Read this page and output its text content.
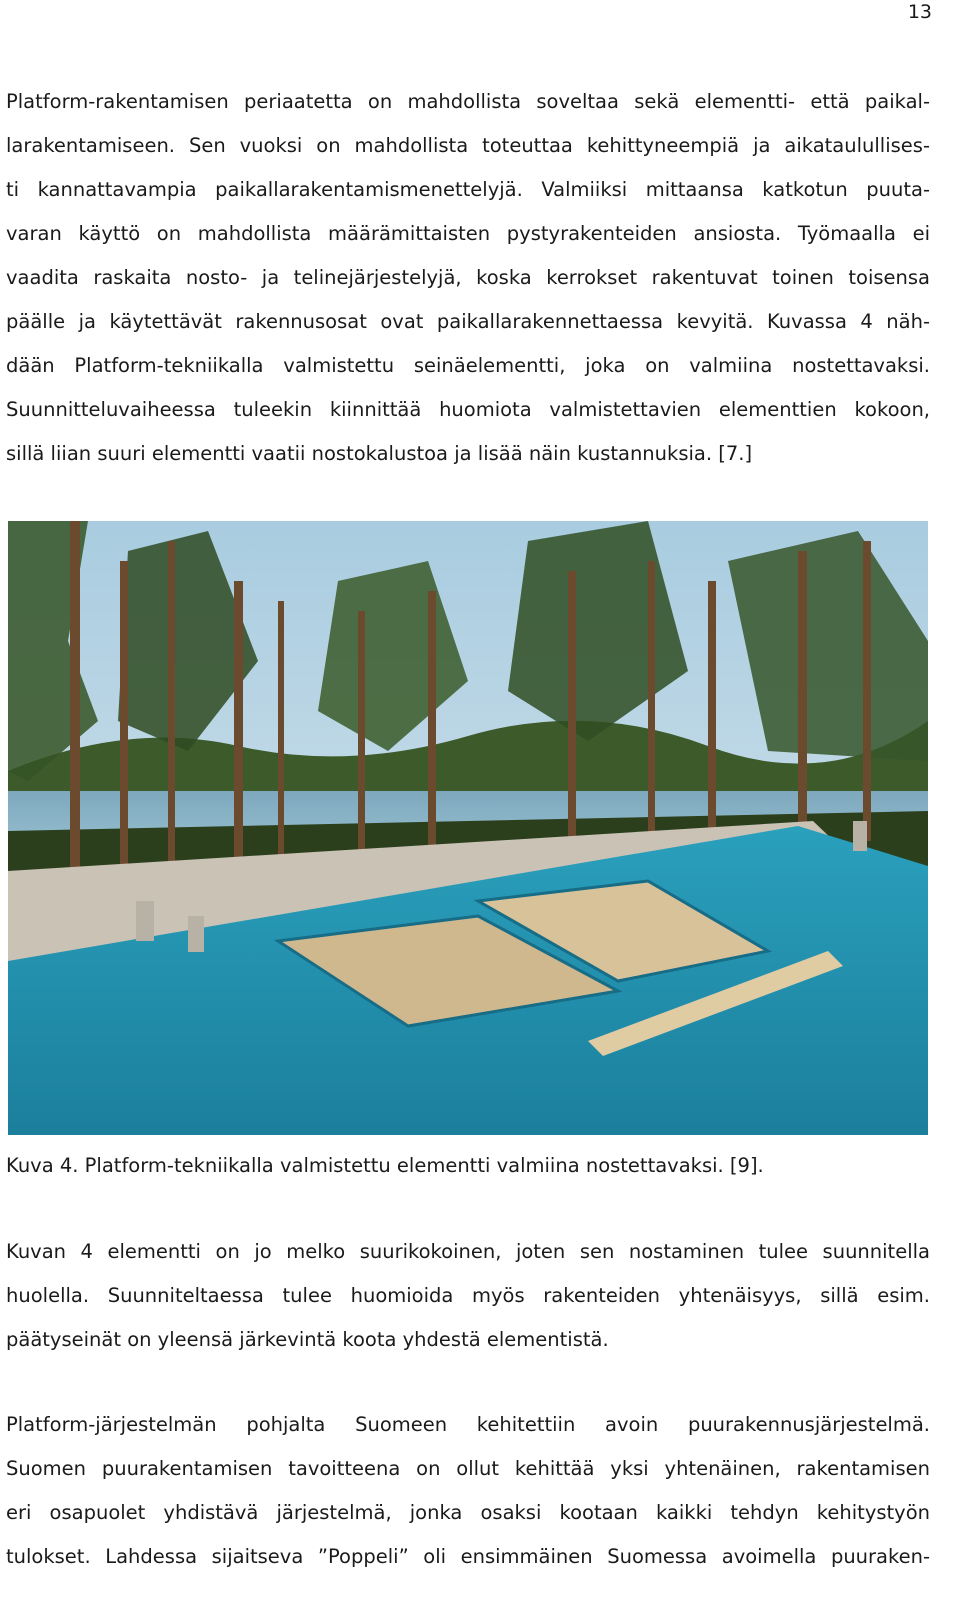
13
Platform-rakentamisen periaatetta on mahdollista soveltaa sekä elementti- että paikal-
larakentamiseen. Sen vuoksi on mahdollista toteuttaa kehittyneempiä ja aikataulullises-
ti kannattavampia paikallarakentamismenettelyjä. Valmiiksi mittaansa katkotun puuta-
varan käyttö on mahdollista määrämittaisten pystyrakenteiden ansiosta. Työmaalla ei
vaadita raskaita nosto- ja telinejärjestelyjä, koska kerrokset rakentuvat toinen toisensa
päälle ja käytettävät rakennusosat ovat paikallarakennettaessa kevyitä. Kuvassa 4 näh-
dään Platform-tekniikalla valmistettu seinäelementti, joka on valmiina nostettavaksi.
Suunnitteluvaiheessa tuleekin kiinnittää huomiota valmistettavien elementtien kokoon,
sillä liian suuri elementti vaatii nostokalustoa ja lisää näin kustannuksia. [7.]
Kuva 4. Platform-tekniikalla valmistettu elementti valmiina nostettavaksi. [9].
Kuvan 4 elementti on jo melko suurikokoinen, joten sen nostaminen tulee suunnitella
huolella. Suunniteltaessa tulee huomioida myös rakenteiden yhtenäisyys, sillä esim.
päätyseinät on yleensä järkevintä koota yhdestä elementistä.
Platform-järjestelmän pohjalta Suomeen kehitettiin avoin puurakennusjärjestelmä.
Suomen puurakentamisen tavoitteena on ollut kehittää yksi yhtenäinen, rakentamisen
eri osapuolet yhdistävä järjestelmä, jonka osaksi kootaan kaikki tehdyn kehitystyön
tulokset. Lahdessa sijaitseva ”Poppeli” oli ensimmäinen Suomessa avoimella puuraken-
